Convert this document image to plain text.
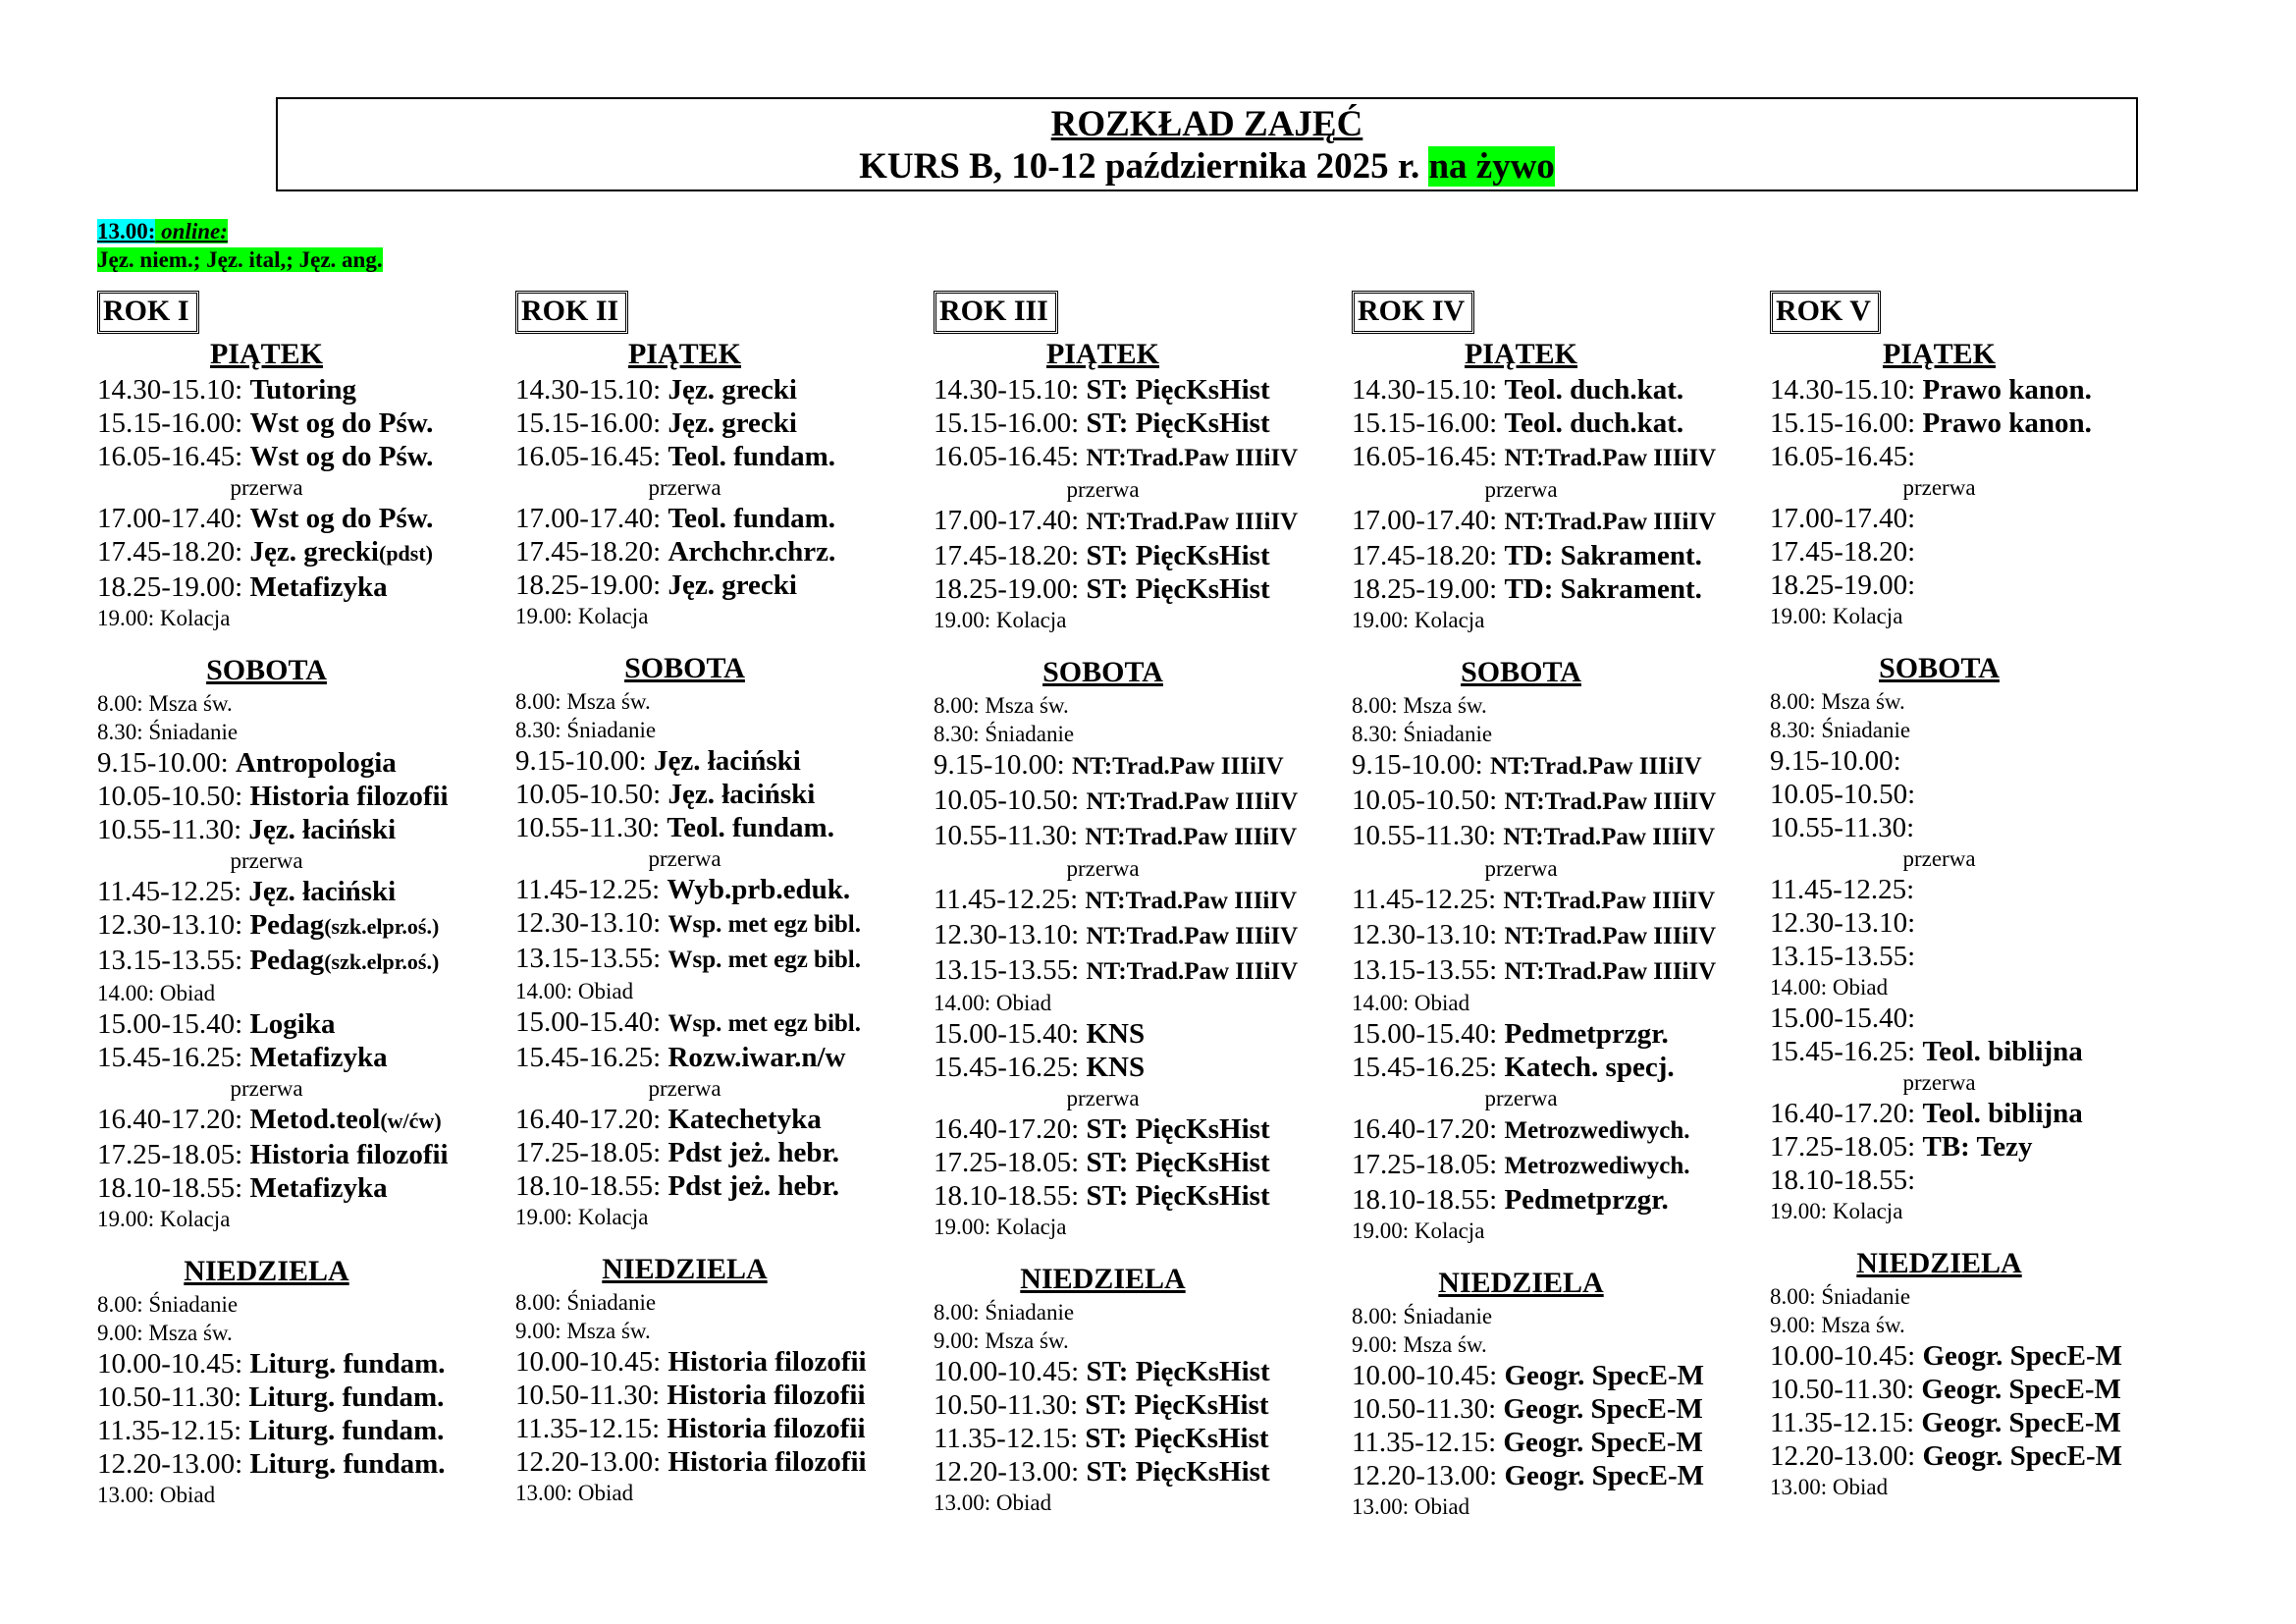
ROZKŁAD ZAJĘĆ
KURS B, 10-12 października 2025 r. na żywo
13.00: online:
Jęz. niem.; Jęz. ital,; Jęz. ang.
ROK I
PIĄTEK
14.30-15.10: Tutoring
15.15-16.00: Wst og do Pśw.
16.05-16.45: Wst og do Pśw.
przerwa
17.00-17.40: Wst og do Pśw.
17.45-18.20: Jęz. grecki(pdst)
18.25-19.00: Metafizyka
19.00: Kolacja
SOBOTA
8.00: Msza św.
8.30: Śniadanie
9.15-10.00: Antropologia
10.05-10.50: Historia filozofii
10.55-11.30: Jęz. łaciński
przerwa
11.45-12.25: Jęz. łaciński
12.30-13.10: Pedag(szk.elpr.oś.)
13.15-13.55: Pedag(szk.elpr.oś.)
14.00: Obiad
15.00-15.40: Logika
15.45-16.25: Metafizyka
przerwa
16.40-17.20: Metod.teol(w/ćw)
17.25-18.05: Historia filozofii
18.10-18.55: Metafizyka
19.00: Kolacja
NIEDZIELA
8.00: Śniadanie
9.00: Msza św.
10.00-10.45: Liturg. fundam.
10.50-11.30: Liturg. fundam.
11.35-12.15: Liturg. fundam.
12.20-13.00: Liturg. fundam.
13.00: Obiad
ROK II
PIĄTEK
14.30-15.10: Jęz. grecki
15.15-16.00: Jęz. grecki
16.05-16.45: Teol. fundam.
przerwa
17.00-17.40: Teol. fundam.
17.45-18.20: Archchr.chrz.
18.25-19.00: Jęz. grecki
19.00: Kolacja
SOBOTA
8.00: Msza św.
8.30: Śniadanie
9.15-10.00: Jęz. łaciński
10.05-10.50: Jęz. łaciński
10.55-11.30: Teol. fundam.
przerwa
11.45-12.25: Wyb.prb.eduk.
12.30-13.10: Wsp. met egz bibl.
13.15-13.55: Wsp. met egz bibl.
14.00: Obiad
15.00-15.40: Wsp. met egz bibl.
15.45-16.25: Rozw.iwar.n/w
przerwa
16.40-17.20: Katechetyka
17.25-18.05: Pdst jeż. hebr.
18.10-18.55: Pdst jeż. hebr.
19.00: Kolacja
NIEDZIELA
8.00: Śniadanie
9.00: Msza św.
10.00-10.45: Historia filozofii
10.50-11.30: Historia filozofii
11.35-12.15: Historia filozofii
12.20-13.00: Historia filozofii
13.00: Obiad
ROK III
PIĄTEK
14.30-15.10: ST: PięcKsHist
15.15-16.00: ST: PięcKsHist
16.05-16.45: NT:Trad.Paw IIIiIV
przerwa
17.00-17.40: NT:Trad.Paw IIIiIV
17.45-18.20: ST: PięcKsHist
18.25-19.00: ST: PięcKsHist
19.00: Kolacja
SOBOTA
8.00: Msza św.
8.30: Śniadanie
9.15-10.00: NT:Trad.Paw IIIiIV
10.05-10.50: NT:Trad.Paw IIIiIV
10.55-11.30: NT:Trad.Paw IIIiIV
przerwa
11.45-12.25: NT:Trad.Paw IIIiIV
12.30-13.10: NT:Trad.Paw IIIiIV
13.15-13.55: NT:Trad.Paw IIIiIV
14.00: Obiad
15.00-15.40: KNS
15.45-16.25: KNS
przerwa
16.40-17.20: ST: PięcKsHist
17.25-18.05: ST: PięcKsHist
18.10-18.55: ST: PięcKsHist
19.00: Kolacja
NIEDZIELA
8.00: Śniadanie
9.00: Msza św.
10.00-10.45: ST: PięcKsHist
10.50-11.30: ST: PięcKsHist
11.35-12.15: ST: PięcKsHist
12.20-13.00: ST: PięcKsHist
13.00: Obiad
ROK IV
PIĄTEK
14.30-15.10: Teol. duch.kat.
15.15-16.00: Teol. duch.kat.
16.05-16.45: NT:Trad.Paw IIIiIV
przerwa
17.00-17.40: NT:Trad.Paw IIIiIV
17.45-18.20: TD: Sakrament.
18.25-19.00: TD: Sakrament.
19.00: Kolacja
SOBOTA
8.00: Msza św.
8.30: Śniadanie
9.15-10.00: NT:Trad.Paw IIIiIV
10.05-10.50: NT:Trad.Paw IIIiIV
10.55-11.30: NT:Trad.Paw IIIiIV
przerwa
11.45-12.25: NT:Trad.Paw IIIiIV
12.30-13.10: NT:Trad.Paw IIIiIV
13.15-13.55: NT:Trad.Paw IIIiIV
14.00: Obiad
15.00-15.40: Pedmetprzgr.
15.45-16.25: Katech. specj.
przerwa
16.40-17.20: Metrozwediwych.
17.25-18.05: Metrozwediwych.
18.10-18.55: Pedmetprzgr.
19.00: Kolacja
NIEDZIELA
8.00: Śniadanie
9.00: Msza św.
10.00-10.45: Geogr. SpecE-M
10.50-11.30: Geogr. SpecE-M
11.35-12.15: Geogr. SpecE-M
12.20-13.00: Geogr. SpecE-M
13.00: Obiad
ROK V
PIĄTEK
14.30-15.10: Prawo kanon.
15.15-16.00: Prawo kanon.
16.05-16.45:
przerwa
17.00-17.40:
17.45-18.20:
18.25-19.00:
19.00: Kolacja
SOBOTA
8.00: Msza św.
8.30: Śniadanie
9.15-10.00:
10.05-10.50:
10.55-11.30:
przerwa
11.45-12.25:
12.30-13.10:
13.15-13.55:
14.00: Obiad
15.00-15.40:
15.45-16.25: Teol. biblijna
przerwa
16.40-17.20: Teol. biblijna
17.25-18.05: TB: Tezy
18.10-18.55:
19.00: Kolacja
NIEDZIELA
8.00: Śniadanie
9.00: Msza św.
10.00-10.45: Geogr. SpecE-M
10.50-11.30: Geogr. SpecE-M
11.35-12.15: Geogr. SpecE-M
12.20-13.00: Geogr. SpecE-M
13.00: Obiad
